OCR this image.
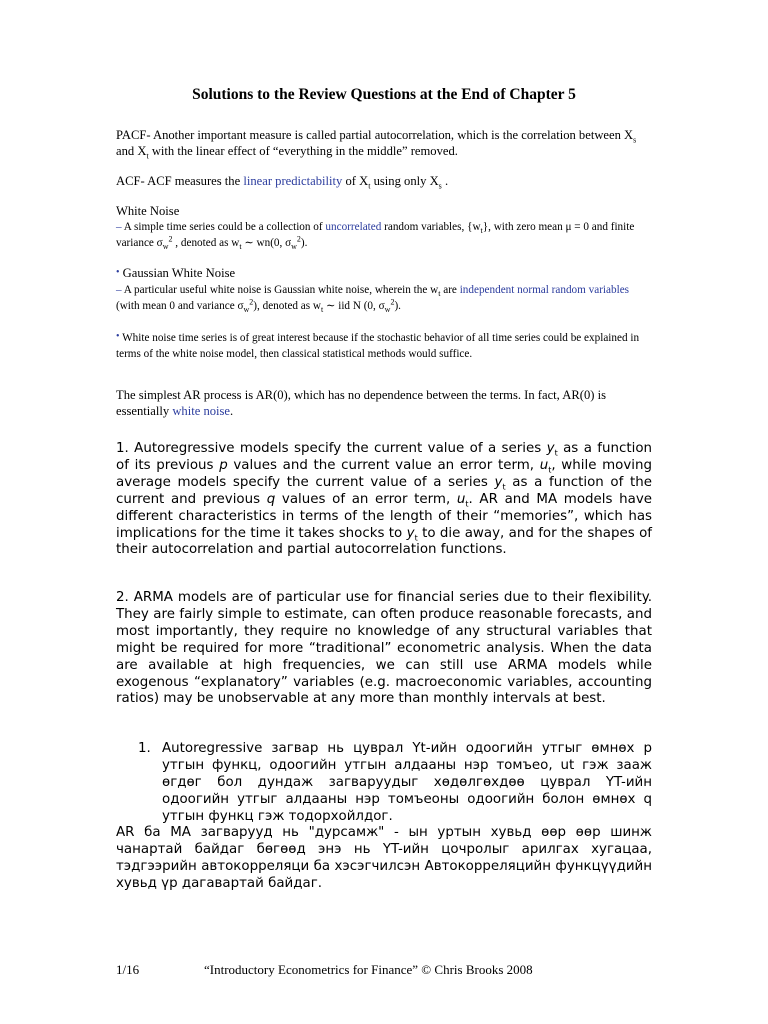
Solutions to the Review Questions at the End of Chapter 5
PACF- Another important measure is called partial autocorrelation, which is the correlation between $X_s$ and $X_t$ with the linear effect of “everything in the middle” removed.
ACF- ACF measures the linear predictability of $X_t$ using only $X_s$ .
White Noise
– A simple time series could be a collection of uncorrelated random variables, $\{w_t\}$, with zero mean μ = 0 and finite variance $\sigma_w^2$ , denoted as $w_t$ ∼ wn(0, $\sigma_w^2$).
• Gaussian White Noise
– A particular useful white noise is Gaussian white noise, wherein the $w_t$ are independent normal random variables (with mean 0 and variance $\sigma_w^2$), denoted as $w_t$ ∼ iid N (0, $\sigma_w^2$).
• White noise time series is of great interest because if the stochastic behavior of all time series could be explained in terms of the white noise model, then classical statistical methods would suffice.
The simplest AR process is AR(0), which has no dependence between the terms. In fact, AR(0) is essentially white noise.
1. Autoregressive models specify the current value of a series $y_t$ as a function of its previous p values and the current value an error term, $u_t$, while moving average models specify the current value of a series $y_t$ as a function of the current and previous q values of an error term, $u_t$. AR and MA models have different characteristics in terms of the length of their “memories”, which has implications for the time it takes shocks to $y_t$ to die away, and for the shapes of their autocorrelation and partial autocorrelation functions.
2. ARMA models are of particular use for financial series due to their flexibility. They are fairly simple to estimate, can often produce reasonable forecasts, and most importantly, they require no knowledge of any structural variables that might be required for more “traditional” econometric analysis. When the data are available at high frequencies, we can still use ARMA models while exogenous “explanatory” variables (e.g. macroeconomic variables, accounting ratios) may be unobservable at any more than monthly intervals at best.
1. Autoregressive загвар нь цуврал Yt-ийн одоогийн утгыг өмнөх p утгын функц, одоогийн утгын алдааны нэр томъео, ut гэж зааж өгдөг бол дундаж загваруудыг хөдөлгөхдөө цуврал YT-ийн одоогийн утгыг алдааны нэр томъеоны одоогийн болон өмнөх q утгын функц гэж тодорхойлдог.
AR ба MA загварууд нь "дурсамж" - ын уртын хувьд өөр өөр шинж чанартай байдаг бөгөөд энэ нь YT-ийн цочролыг арилгах хугацаа, тэдгээрийн автокорреляци ба хэсэгчилсэн Автокорреляцийн функцүүдийн хувьд үр дагавартай байдаг.
1/16	“Introductory Econometrics for Finance” © Chris Brooks 2008
